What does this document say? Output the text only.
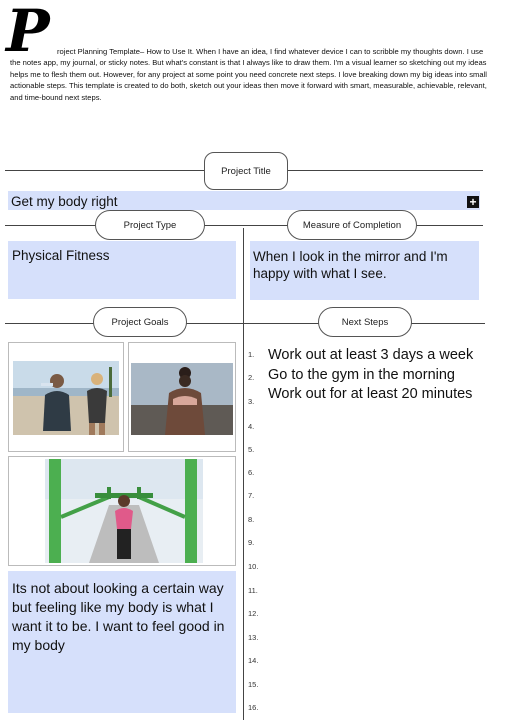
P roject Planning Template– How to Use It. When I have an idea, I find whatever device I can to scribble my thoughts down. I use the notes app, my journal, or sticky notes. But what's constant is that I always like to draw them. I'm a visual learner so sketching out my ideas helps me to flesh them out. However, for any project at some point you need concrete next steps. I love breaking down my big ideas into small actionable steps. This template is created to do both, sketch out your ideas then move it forward with smart, measurable, achievable, relevant, and time-bound next steps.
Project Title
Get my body right	+
Project Type	Measure of Completion
Physical Fitness	When I look in the mirror and I'm happy with what I see.
Project Goals	Next Steps
Its not about looking a certain way but feeling like my body is what I want it to be. I want to feel good in my body
1.
2.
3.
4.
5.
6.
7.
8.
9.
10.
11.
12.
13.
14.
15.
16.
Work out at least 3 days a week
Go to the gym in the morning
Work out for at least 20 minutes
